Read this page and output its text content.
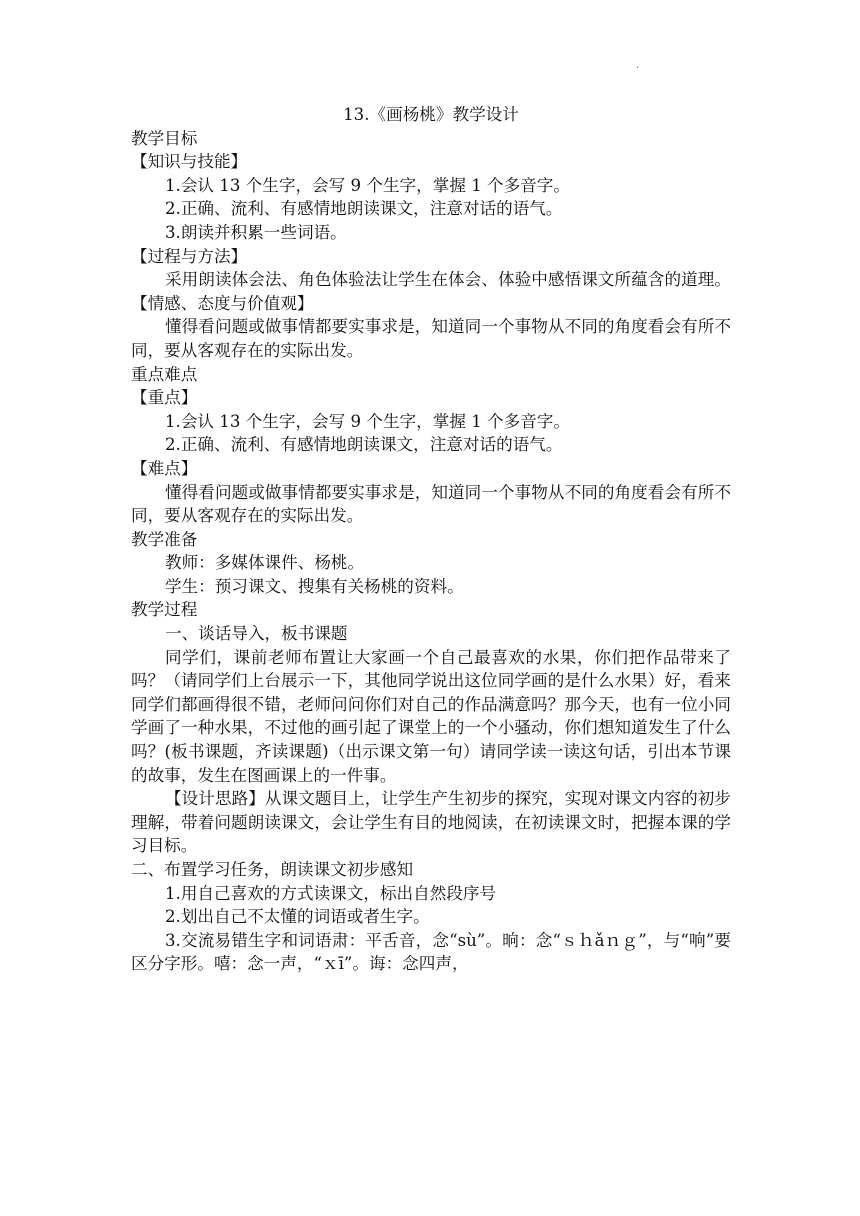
.

13.《画杨桃》教学设计

教学目标

【知识与技能】

1.会认 13 个生字，会写 9 个生字，掌握 1 个多音字。

2.正确、流利、有感情地朗读课文，注意对话的语气。

3.朗读并积累一些词语。

【过程与方法】

采用朗读体会法、角色体验法让学生在体会、体验中感悟课文所蕴含的道理。【情感、态度与价值观】

懂得看问题或做事情都要实事求是，知道同一个事物从不同的角度看会有所不同，要从客观存在的实际出发。

重点难点

【重点】

1.会认 13 个生字，会写 9 个生字，掌握 1 个多音字。

2.正确、流利、有感情地朗读课文，注意对话的语气。

【难点】

懂得看问题或做事情都要实事求是，知道同一个事物从不同的角度看会有所不同，要从客观存在的实际出发。

教学准备

教师：多媒体课件、杨桃。

学生：预习课文、搜集有关杨桃的资料。

教学过程

一、谈话导入，板书课题

同学们，课前老师布置让大家画一个自己最喜欢的水果，你们把作品带来了吗？（请同学们上台展示一下，其他同学说出这位同学画的是什么水果）好，看来同学们都画得很不错，老师问问你们对自己的作品满意吗？那今天，也有一位小同学画了一种水果，不过他的画引起了课堂上的一个小骚动，你们想知道发生了什么吗？(板书课题，齐读课题)（出示课文第一句）请同学读一读这句话，引出本节课的故事，发生在图画课上的一件事。

【设计思路】从课文题目上，让学生产生初步的探究，实现对课文内容的初步理解，带着问题朗读课文，会让学生有目的地阅读，在初读课文时，把握本课的学习目标。

二、布置学习任务，朗读课文初步感知

1.用自己喜欢的方式读课文，标出自然段序号

2.划出自己不太懂的词语或者生字。

3.交流易错生字和词语肃：平舌音，念“sù”。晌：念“ｓｈǎｎｇ”，与“响”要区分字形。嘻：念一声，“ｘī”。诲：念四声，
